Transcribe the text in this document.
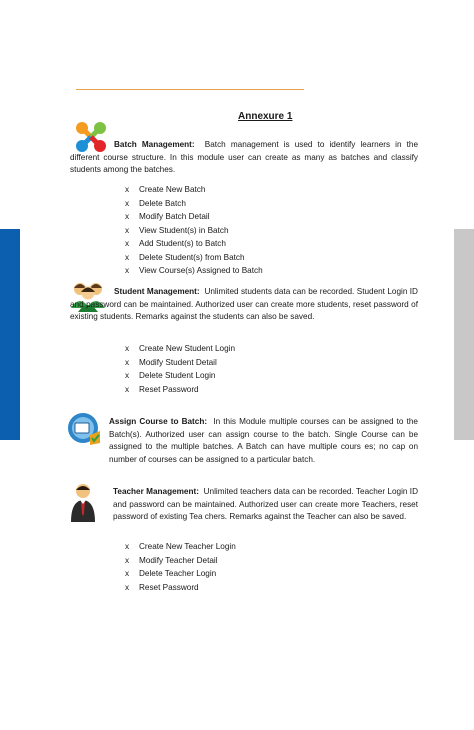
Annexure 1
Batch Management: Batch management is used to identify learners in the different course structure. In this module user can create as many as batches and classify students among the batches.
x Create New Batch
x Delete Batch
x Modify Batch Detail
x View Student(s) in Batch
x Add Student(s) to Batch
x Delete Student(s) from Batch
x View Course(s) Assigned to Batch
Student Management: Unlimited students data can be recorded. Student Login ID and password can be maintained. Authorized user can create more students, reset password of existing students. Remarks against the students can also be saved.
x Create New Student Login
x Modify Student Detail
x Delete Student Login
x Reset Password
Assign Course to Batch: In this Module multiple courses can be assigned to the Batch(s). Authorized user can assign course to the batch. Single Course can be assigned to the multiple batches. A Batch can have multiple cours es; no cap on number of courses can be assigned to a particular batch.
Teacher Management: Unlimited teachers data can be recorded. Teacher Login ID and password can be maintained. Authorized user can create more Teachers, reset password of existing Tea chers. Remarks against the Teacher can also be saved.
x Create New Teacher Login
x Modify Teacher Detail
x Delete Teacher Login
x Reset Password
